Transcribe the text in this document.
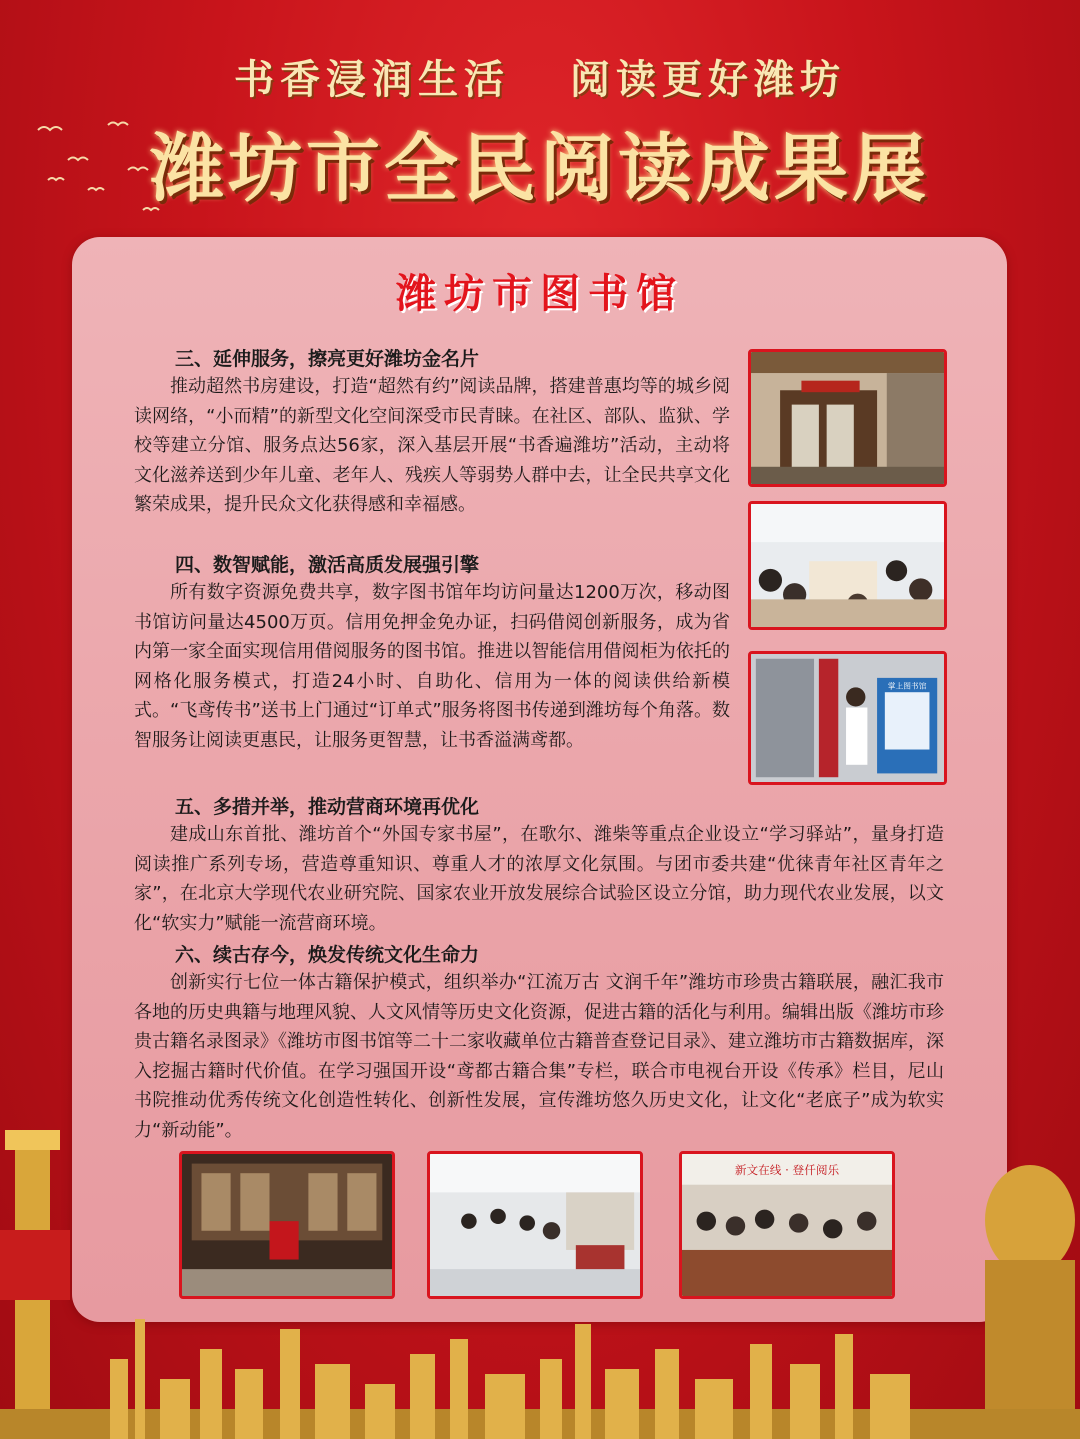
书香浸润生活 阅读更好潍坊
潍坊市全民阅读成果展
潍坊市图书馆
三、延伸服务，擦亮更好潍坊金名片

推动超然书房建设，打造“超然有约”阅读品牌，搭建普惠均等的城乡阅读网络，“小而精”的新型文化空间深受市民青睐。在社区、部队、监狱、学校等建立分馆、服务点达56家，深入基层开展“书香遍潍坊”活动，主动将文化滋养送到少年儿童、老年人、残疾人等弱势人群中去，让全民共享文化繁荣成果，提升民众文化获得感和幸福感。

四、数智赋能，激活高质发展强引擎

所有数字资源免费共享，数字图书馆年均访问量达1200万次，移动图书馆访问量达4500万页。信用免押金免办证，扫码借阅创新服务，成为省内第一家全面实现信用借阅服务的图书馆。推进以智能信用借阅柜为依托的网格化服务模式，打造24小时、自助化、信用为一体的阅读供给新模式。“飞鸢传书”送书上门通过“订单式”服务将图书传递到潍坊每个角落。数智服务让阅读更惠民，让服务更智慧，让书香溢满鸢都。

五、多措并举，推动营商环境再优化

建成山东首批、潍坊首个“外国专家书屋”，在歌尔、潍柴等重点企业设立“学习驿站”，量身打造阅读推广系列专场，营造尊重知识、尊重人才的浓厚文化氛围。与团市委共建“优徕青年社区青年之家”，在北京大学现代农业研究院、国家农业开放发展综合试验区设立分馆，助力现代农业发展，以文化“软实力”赋能一流营商环境。

六、续古存今，焕发传统文化生命力

创新实行七位一体古籍保护模式，组织举办“江流万古 文润千年”潍坊市珍贵古籍联展，融汇我市各地的历史典籍与地理风貌、人文风情等历史文化资源，促进古籍的活化与利用。编辑出版《潍坊市珍贵古籍名录图录》《潍坊市图书馆等二十二家收藏单位古籍普查登记目录》、建立潍坊市古籍数据库，深入挖掘古籍时代价值。在学习强国开设“鸢都古籍合集”专栏，联合市电视台开设《传承》栏目，尼山书院推动优秀传统文化创造性转化、创新性发展，宣传潍坊悠久历史文化，让文化“老底子”成为软实力“新动能”。

掌上图书馆
新文在线 · 登仟阅乐
